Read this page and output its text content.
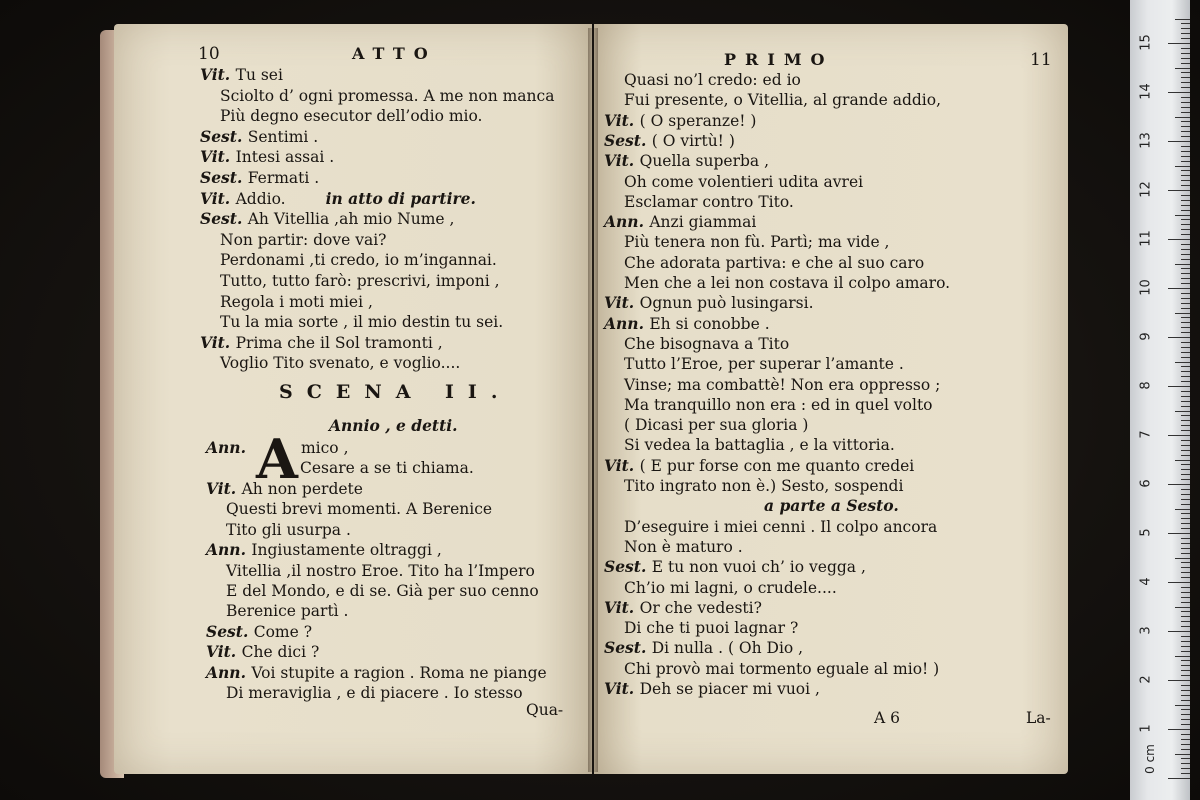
10	ATTO
Vit. Tu sei
Sciolto d’ ogni promessa. A me non manca
Più degno esecutor dell’odio mio.
Sest. Sentimi .
Vit. Intesi assai .
Sest. Fermati .
Vit. Addio.	in atto di partire.
Sest. Ah Vitellia ,ah mio Nume ,
Non partir: dove vai?
Perdonami ,ti credo, io m’ingannai.
Tutto, tutto farò: prescrivi, imponi ,
Regola i moti miei ,
Tu la mia sorte , il mio destin tu sei.
Vit. Prima che il Sol tramonti ,
Voglio Tito svenato, e voglio....
SCENA II.
Annio , e detti.
A
Ann.	mico ,
Cesare a se ti chiama.
Vit. Ah non perdete
Questi brevi momenti. A Berenice
Tito gli usurpa .
Ann. Ingiustamente oltraggi ,
Vitellia ,il nostro Eroe. Tito ha l’Impero
E del Mondo, e di se. Già per suo cenno
Berenice partì .
Sest. Come ?
Vit. Che dici ?
Ann. Voi stupite a ragion . Roma ne piange
Di meraviglia , e di piacere . Io stesso
Qua-
PRIMO	11
Quasi no’l credo: ed io
Fui presente, o Vitellia, al grande addio,
Vit. ( O speranze! )
Sest. ( O virtù! )
Vit. Quella superba ,
Oh come volentieri udita avrei
Esclamar contro Tito.
Ann. Anzi giammai
Più tenera non fù. Partì; ma vide ,
Che adorata partiva: e che al suo caro
Men che a lei non costava il colpo amaro.
Vit. Ognun può lusingarsi.
Ann. Eh si conobbe .
Che bisognava a Tito
Tutto l’Eroe, per superar l’amante .
Vinse; ma combattè! Non era oppresso ;
Ma tranquillo non era : ed in quel volto
( Dicasi per sua gloria )
Si vedea la battaglia , e la vittoria.
Vit. ( E pur forse con me quanto credei
Tito ingrato non è.) Sesto, sospendi
a parte a Sesto.
D’eseguire i miei cenni . Il colpo ancora
Non è maturo .
Sest. E tu non vuoi ch’ io vegga ,
Ch’io mi lagni, o crudele....
Vit. Or che vedesti?
Di che ti puoi lagnar ?
Sest. Di nulla . ( Oh Dio ,
Chi provò mai tormento eguale al mio! )
Vit. Deh se piacer mi vuoi ,
A 6	La-
0 cm
1
2
3
4
5
6
7
8
9
10
11
12
13
14
15
